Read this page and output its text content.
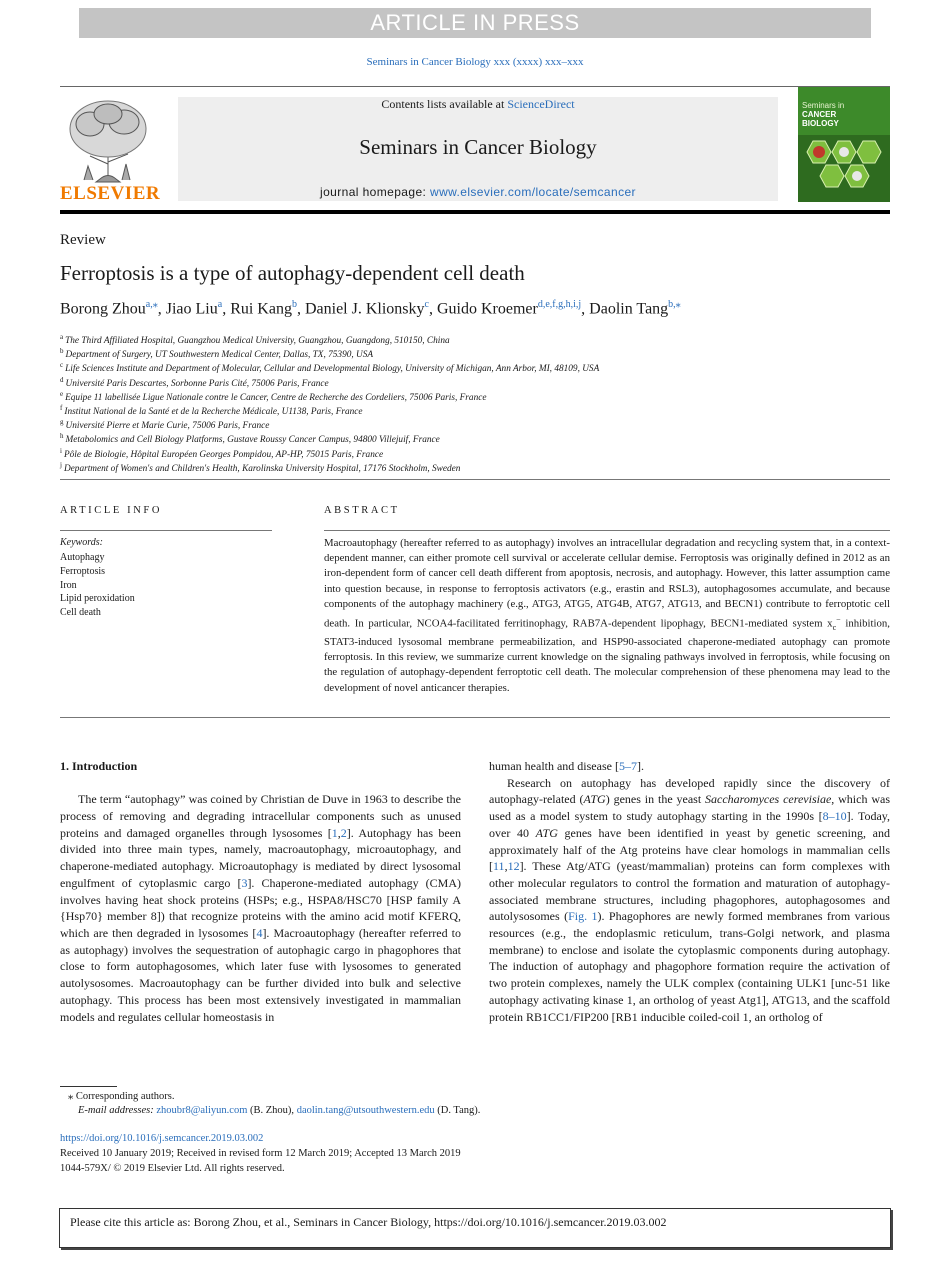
ARTICLE IN PRESS
Seminars in Cancer Biology xxx (xxxx) xxx–xxx
ELSEVIER
Contents lists available at ScienceDirect
Seminars in Cancer Biology
journal homepage: www.elsevier.com/locate/semcancer
Seminars in
CANCER
BIOLOGY
Review
Ferroptosis is a type of autophagy-dependent cell death
Borong Zhou$^{a,⁎}$, Jiao Liu$^a$, Rui Kang$^b$, Daniel J. Klionsky$^c$, Guido Kroemer$^{d,e,f,g,h,i,j}$, Daolin Tang$^{b,⁎}$
$^a$ The Third Affiliated Hospital, Guangzhou Medical University, Guangzhou, Guangdong, 510150, China
$^b$ Department of Surgery, UT Southwestern Medical Center, Dallas, TX, 75390, USA
$^c$ Life Sciences Institute and Department of Molecular, Cellular and Developmental Biology, University of Michigan, Ann Arbor, MI, 48109, USA
$^d$ Université Paris Descartes, Sorbonne Paris Cité, 75006 Paris, France
$^e$ Equipe 11 labellisée Ligue Nationale contre le Cancer, Centre de Recherche des Cordeliers, 75006 Paris, France
$^f$ Institut National de la Santé et de la Recherche Médicale, U1138, Paris, France
$^g$ Université Pierre et Marie Curie, 75006 Paris, France
$^h$ Metabolomics and Cell Biology Platforms, Gustave Roussy Cancer Campus, 94800 Villejuif, France
$^i$ Pôle de Biologie, Hôpital Européen Georges Pompidou, AP-HP, 75015 Paris, France
$^j$ Department of Women's and Children's Health, Karolinska University Hospital, 17176 Stockholm, Sweden
ARTICLE INFO	ABSTRACT
Keywords:
Autophagy
Ferroptosis
Iron
Lipid peroxidation
Cell death
Macroautophagy (hereafter referred to as autophagy) involves an intracellular degradation and recycling system that, in a context-dependent manner, can either promote cell survival or accelerate cellular demise. Ferroptosis was originally defined in 2012 as an iron-dependent form of cancer cell death different from apoptosis, necrosis, and autophagy. However, this latter assumption came into question because, in response to ferroptosis activators (e.g., erastin and RSL3), autophagosomes accumulate, and because components of the autophagy machinery (e.g., ATG3, ATG5, ATG4B, ATG7, ATG13, and BECN1) contribute to ferroptotic cell death. In particular, NCOA4-facilitated ferritinophagy, RAB7A-dependent lipophagy, BECN1-mediated system $x_c^-$ inhibition, STAT3-induced lysosomal membrane permeabilization, and HSP90-associated chaperone-mediated autophagy can promote ferroptosis. In this review, we summarize current knowledge on the signaling pathways involved in ferroptosis, while focusing on the regulation of autophagy-dependent ferroptotic cell death. The molecular comprehension of these phenomena may lead to the development of novel anticancer therapies.
1. Introduction

The term “autophagy” was coined by Christian de Duve in 1963 to describe the process of removing and degrading intracellular components such as unused proteins and damaged organelles through lysosomes [1,2]. Autophagy has been divided into three main types, namely, macroautophagy, microautophagy, and chaperone-mediated autophagy. Microautophagy is mediated by direct lysosomal engulfment of cytoplasmic cargo [3]. Chaperone-mediated autophagy (CMA) involves having heat shock proteins (HSPs; e.g., HSPA8/HSC70 [HSP family A {Hsp70} member 8]) that recognize proteins with the amino acid motif KFERQ, which are then degraded in lysosomes [4]. Macroautophagy (hereafter referred to as autophagy) involves the sequestration of autophagic cargo in phagophores that close to form autophagosomes, which later fuse with lysosomes to generated autolysosomes. Macroautophagy can be further divided into bulk and selective autophagy. This process has been most extensively investigated in mammalian models and regulates cellular homeostasis in

human health and disease [5–7].

Research on autophagy has developed rapidly since the discovery of autophagy-related (ATG) genes in the yeast Saccharomyces cerevisiae, which was used as a model system to study autophagy starting in the 1990s [8–10]. Today, over 40 ATG genes have been identified in yeast by genetic screening, and approximately half of the Atg proteins have clear homologs in mammalian cells [11,12]. These Atg/ATG (yeast/mammalian) proteins can form complexes with other molecular regulators to control the formation and maturation of autophagy-associated membrane structures, including phagophores, autophagosomes and autolysosomes (Fig. 1). Phagophores are newly formed membranes from various resources (e.g., the endoplasmic reticulum, trans-Golgi network, and plasma membrane) to enclose and isolate the cytoplasmic components during autophagy. The induction of autophagy and phagophore formation require the activation of two protein complexes, namely the ULK complex (containing ULK1 [unc-51 like autophagy activating kinase 1, an ortholog of yeast Atg1], ATG13, and the scaffold protein RB1CC1/FIP200 [RB1 inducible coiled-coil 1, an ortholog of

⁎ Corresponding authors.
E-mail addresses: zhoubr8@aliyun.com (B. Zhou), daolin.tang@utsouthwestern.edu (D. Tang).
https://doi.org/10.1016/j.semcancer.2019.03.002
Received 10 January 2019; Received in revised form 12 March 2019; Accepted 13 March 2019
1044-579X/ © 2019 Elsevier Ltd. All rights reserved.
Please cite this article as: Borong Zhou, et al., Seminars in Cancer Biology, https://doi.org/10.1016/j.semcancer.2019.03.002
